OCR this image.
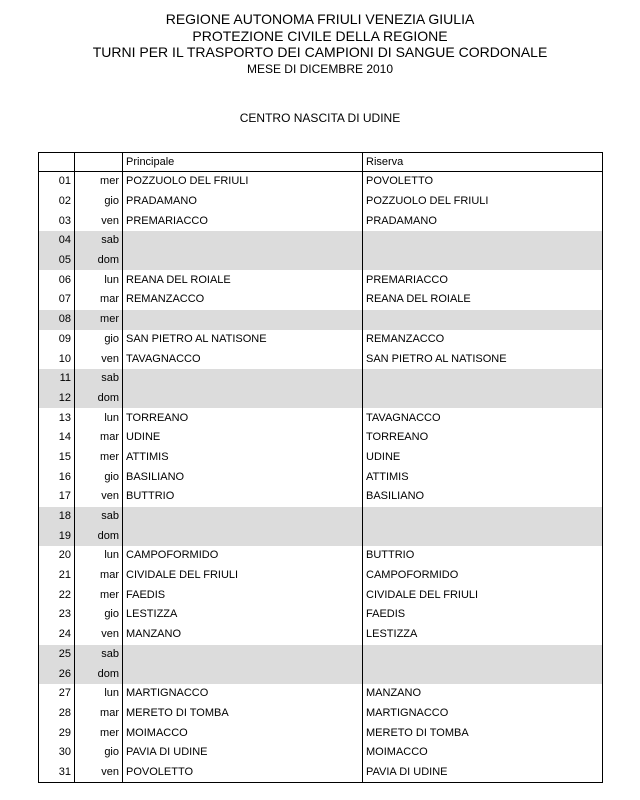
REGIONE AUTONOMA FRIULI VENEZIA GIULIA
PROTEZIONE CIVILE DELLA REGIONE
TURNI PER IL TRASPORTO DEI CAMPIONI DI SANGUE CORDONALE
MESE DI DICEMBRE 2010
CENTRO NASCITA DI UDINE
		Principale	Riserva
01	mer	POZZUOLO DEL FRIULI	POVOLETTO
02	gio	PRADAMANO	POZZUOLO DEL FRIULI
03	ven	PREMARIACCO	PRADAMANO
04	sab		
05	dom		
06	lun	REANA DEL ROIALE	PREMARIACCO
07	mar	REMANZACCO	REANA DEL ROIALE
08	mer		
09	gio	SAN PIETRO AL NATISONE	REMANZACCO
10	ven	TAVAGNACCO	SAN PIETRO AL NATISONE
11	sab		
12	dom		
13	lun	TORREANO	TAVAGNACCO
14	mar	UDINE	TORREANO
15	mer	ATTIMIS	UDINE
16	gio	BASILIANO	ATTIMIS
17	ven	BUTTRIO	BASILIANO
18	sab		
19	dom		
20	lun	CAMPOFORMIDO	BUTTRIO
21	mar	CIVIDALE DEL FRIULI	CAMPOFORMIDO
22	mer	FAEDIS	CIVIDALE DEL FRIULI
23	gio	LESTIZZA	FAEDIS
24	ven	MANZANO	LESTIZZA
25	sab		
26	dom		
27	lun	MARTIGNACCO	MANZANO
28	mar	MERETO DI TOMBA	MARTIGNACCO
29	mer	MOIMACCO	MERETO DI TOMBA
30	gio	PAVIA DI UDINE	MOIMACCO
31	ven	POVOLETTO	PAVIA DI UDINE
